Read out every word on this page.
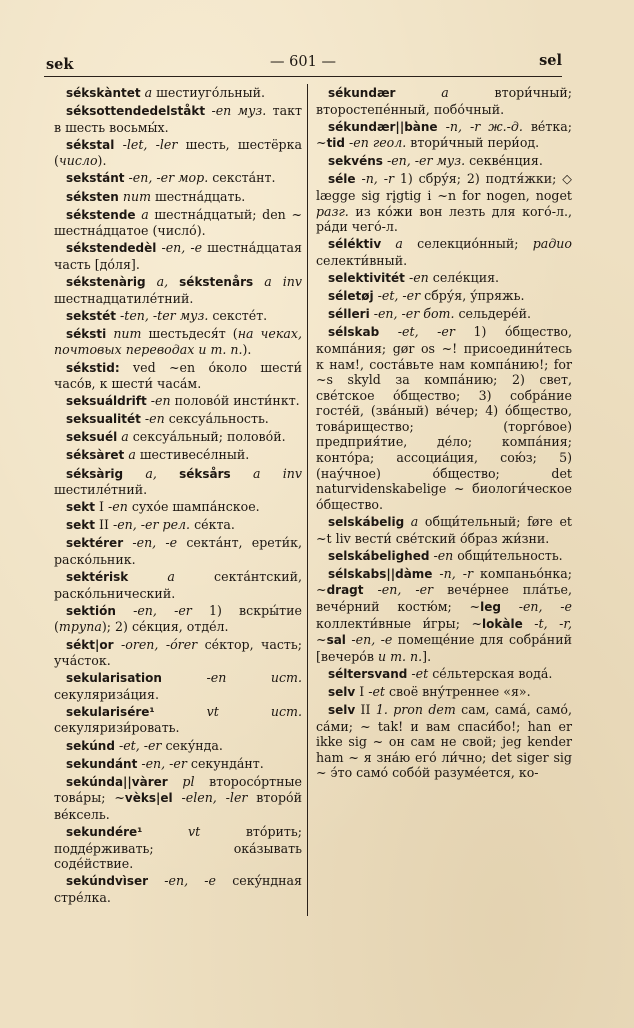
sek	— 601 —	sel

sékskàntet a шестиуго́льный.

séksottendedelståkt -en муз. такт в шесть восьмы́х.

sékstal -let, -ler шесть, шестёрка (число).

sekstánt -en, -er мор. секста́нт.

séksten num шестна́дцать.

sékstende a шестна́дцатый; den ~ шестна́дцатое (число́).

sékstendedèl -en, -e шестна́дцатая часть [до́ля].

sékstenàrig a, sékstenårs a inv шестнадцатиле́тний.

sekstét -ten, -ter муз. сексте́т.

séksti num шестьдеся́т (на чеках, почтовых переводах и т. п.).

sékstid: ved ~en о́коло шести́ часо́в, к шести́ часа́м.

seksuáldrift -en полово́й инсти́нкт.

seksualitét -en сексуа́льность.

seksuél a сексуа́льный; полово́й.

séksàret a шестивесе́лный.

séksàrig a, séksårs a inv шестиле́тний.

sekt I -en сухо́е шампа́нское.

sekt II -en, -er рел. се́кта.

sektérer -en, -e секта́нт, ерети́к, раско́льник.

sektérisk	a секта́нтский, раско́льнический.

sektión -en, -er 1) вскры́тие (трупа); 2) се́кция, отде́л.

sékt|or -oren, -órer се́ктор, часть; уча́сток.

sekularisation	-en ист. секуляриза́ция.

sekularisére¹	vt ист. секуляризи́ровать.

sekúnd -et, -er секу́нда.

sekundánt -en, -er секунда́нт.

sekúnda||vàrer pl второсо́ртные това́ры; ~vèks|el -elen, -ler второ́й ве́ксель.

sekundére¹	vt вто́рить; подде́рживать; ока́зывать соде́йствие.

sekúndvìser -en, -e секу́ндная стре́лка.

sékundær	a втори́чный; второстепе́нный, побо́чный.

sékundær||bàne -n, -r ж.-д. ве́тка; ~tid -en геол. втори́чный пери́од.

sekvéns -en, -er муз. секве́нция.

séle -n, -r 1) сбру́я; 2) подтя́жки; ◇ lægge sig ri̥gtig i ~n for nogen, noget разг. из ко́жи вон лезть для кого́-л., ра́ди чего́-л.

séléktiv a селекцио́нный; радио селекти́вный.

selektivitét -en селе́кция.

séletøj -et, -er сбру́я, у́пряжь.

sélleri -en, -er бот. сельдере́й.

sélskab -et, -er 1) о́бщество, компа́ния; gør os ~! присоедини́тесь к нам!, соста́вьте нам компа́нию!; for ~s skyld за компа́нию; 2) свет, све́тское о́бщество; 3) собра́ние госте́й, (зва́ный) ве́чер; 4) о́бщество, това́рищество; (торго́вое) предприя́тие, де́ло; компа́ния; конто́ра; ассоциа́ция, сою́з; 5) (нау́чное) о́бщество; det naturvidenskabelige ~ биологи́ческое о́бщество.

selskábelig a общи́тельный; føre et ~t liv вести́ све́тский о́браз жи́зни.

selskábelighed -en общи́тельность.

sélskabs||dàme -n, -r компаньо́нка; ~dragt -en, -er вече́рнее пла́тье, вече́рний костю́м; ~leg -en, -e коллекти́вные и́гры; ~lokàle -t, -r, ~sal -en, -e помеще́ние для собра́ний [вечеро́в и т. п.].

séltersvand -et се́льтерская вода́.

selv I -et своё вну́треннее «я».

selv II 1. pron dem сам, сама́, само́, са́ми; ~ tak! и вам спаси́бо!; han er ikke sig ~ он сам не свой; jeg kender ham ~ я зна́ю его́ ли́чно; det siger sig ~ э́то само́ собо́й разуме́ется, ко-
